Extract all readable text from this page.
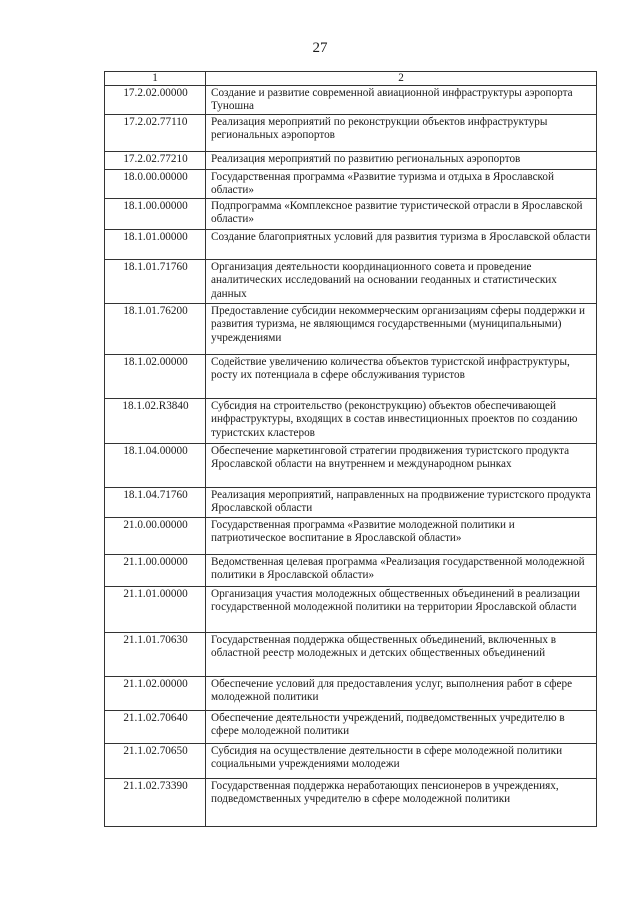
27
1	2
17.2.02.00000	Создание и развитие современной авиационной инфраструктуры аэропорта Туношна
17.2.02.77110	Реализация мероприятий по реконструкции объектов инфраструктуры региональных аэропортов
17.2.02.77210	Реализация мероприятий по развитию региональных аэропортов
18.0.00.00000	Государственная программа «Развитие туризма и отдыха в Ярославской области»
18.1.00.00000	Подпрограмма «Комплексное развитие туристической отрасли в Ярославской области»
18.1.01.00000	Создание благоприятных условий для развития туризма в Ярославской области
18.1.01.71760	Организация деятельности координационного совета и проведение аналитических исследований на основании геоданных и статистических данных
18.1.01.76200	Предоставление субсидии некоммерческим организациям сферы поддержки и развития туризма, не являющимся государственными (муниципальными) учреждениями
18.1.02.00000	Содействие увеличению количества объектов туристской инфраструктуры, росту их потенциала в сфере обслуживания туристов
18.1.02.R3840	Субсидия на строительство (реконструкцию) объектов обеспечивающей инфраструктуры, входящих в состав инвестиционных проектов по созданию туристских кластеров
18.1.04.00000	Обеспечение маркетинговой стратегии продвижения туристского продукта Ярославской области на внутреннем и международном рынках
18.1.04.71760	Реализация мероприятий, направленных на продвижение туристского продукта Ярославской области
21.0.00.00000	Государственная программа «Развитие молодежной политики и патриотическое воспитание в Ярославской области»
21.1.00.00000	Ведомственная целевая программа «Реализация государственной молодежной политики в Ярославской области»
21.1.01.00000	Организация участия молодежных общественных объединений в реализации государственной молодежной политики на территории Ярославской области
21.1.01.70630	Государственная поддержка общественных объединений, включенных в областной реестр молодежных и детских общественных объединений
21.1.02.00000	Обеспечение условий для предоставления услуг, выполнения работ в сфере молодежной политики
21.1.02.70640	Обеспечение деятельности учреждений, подведомственных учредителю в сфере молодежной политики
21.1.02.70650	Субсидия на осуществление деятельности в сфере молодежной политики социальными учреждениями молодежи
21.1.02.73390	Государственная поддержка неработающих пенсионеров в учреждениях, подведомственных учредителю в сфере молодежной политики
